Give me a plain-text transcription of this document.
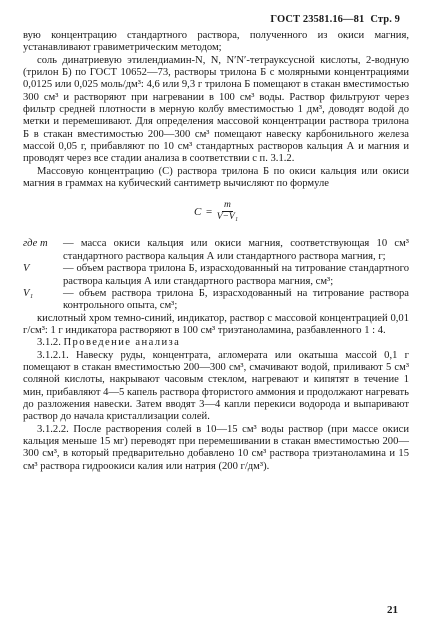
ГОСТ 23581.16—81 Стр. 9

вую концентрацию стандартного раствора, полученного из окиси магния, устанавливают гравиметрическим методом;

соль динатриевую этилендиамин-N, N, N′N′-тетрауксусной кислоты, 2-водную (трилон Б) по ГОСТ 10652—73, растворы трилона Б с молярными концентрациями 0,0125 или 0,025 моль/дм³: 4,6 или 9,3 г трилона Б помещают в стакан вместимостью 300 см³ и растворяют при нагревании в 100 см³ воды. Раствор фильтруют через фильтр средней плотности в мерную колбу вместимостью 1 дм³, доводят водой до метки и перемешивают. Для определения массовой концентрации раствора трилона Б в стакан вместимостью 200—300 см³ помещают навеску карбонильного железа массой 0,05 г, прибавляют по 10 см³ стандартных растворов кальция А и магния и проводят через все стадии анализа в соответствии с п. 3.1.2.

Массовую концентрацию (C) раствора трилона Б по окиси кальция или окиси магния в граммах на кубический сантиметр вычисляют по формуле

$C = \frac{m}{\text{V−V₁}}$
где m	— масса окиси кальция или окиси магния, соответствующая 10 см³ стандартного раствора кальция А или стандартного раствора магния, г;
V	— объем раствора трилона Б, израсходованный на титрование стандартного раствора кальция А или стандартного раствора магния, см³;
V₁	— объем раствора трилона Б, израсходованный на титрование раствора контрольного опыта, см³;

кислотный хром темно-синий, индикатор, раствор с массовой концентрацией 0,01 г/см³: 1 г индикатора растворяют в 100 см³ триэтаноламина, разбавленного 1 : 4.

3.1.2. Проведение анализа

3.1.2.1. Навеску руды, концентрата, агломерата или окатыша массой 0,1 г помещают в стакан вместимостью 200—300 см³, смачивают водой, приливают 5 см³ соляной кислоты, накрывают часовым стеклом, нагревают и кипятят в течение 1 мин, прибавляют 4—5 капель раствора фтористого аммония и продолжают нагревать до разложения навески. Затем вводят 3—4 капли перекиси водорода и выпаривают раствор до начала кристаллизации солей.

3.1.2.2. После растворения солей в 10—15 см³ воды раствор (при массе окиси кальция меньше 15 мг) переводят при перемешивании в стакан вместимостью 200—300 см³, в который предварительно добавлено 10 см³ раствора триэтаноламина и 15 см³ раствора гидроокиси калия или натрия (200 г/дм³).

21
